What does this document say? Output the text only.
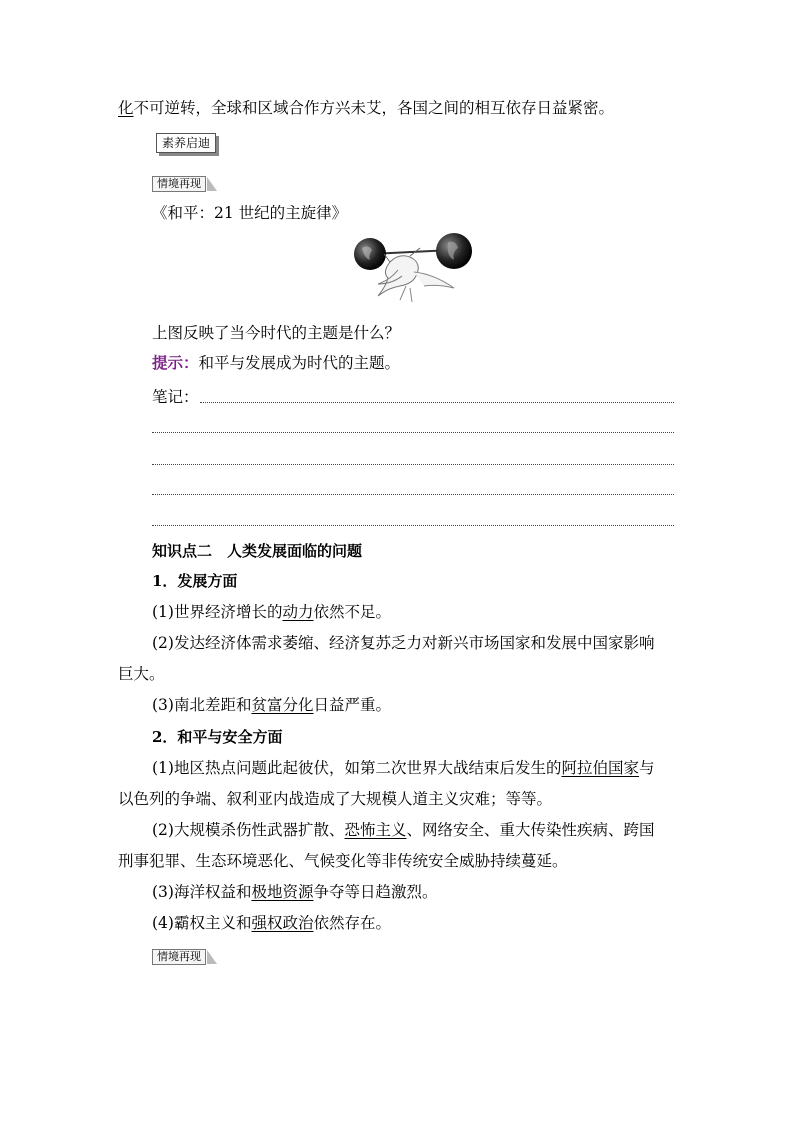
化不可逆转，全球和区域合作方兴未艾，各国之间的相互依存日益紧密。
素养启迪
情境再现
《和平：21 世纪的主旋律》
上图反映了当今时代的主题是什么？
提示：和平与发展成为时代的主题。
笔记：
知识点二　人类发展面临的问题
1．发展方面
(1)世界经济增长的动力依然不足。
(2)发达经济体需求萎缩、经济复苏乏力对新兴市场国家和发展中国家影响
巨大。
(3)南北差距和贫富分化日益严重。
2．和平与安全方面
(1)地区热点问题此起彼伏，如第二次世界大战结束后发生的阿拉伯国家与
以色列的争端、叙利亚内战造成了大规模人道主义灾难；等等。
(2)大规模杀伤性武器扩散、恐怖主义、网络安全、重大传染性疾病、跨国
刑事犯罪、生态环境恶化、气候变化等非传统安全威胁持续蔓延。
(3)海洋权益和极地资源争夺等日趋激烈。
(4)霸权主义和强权政治依然存在。
情境再现
